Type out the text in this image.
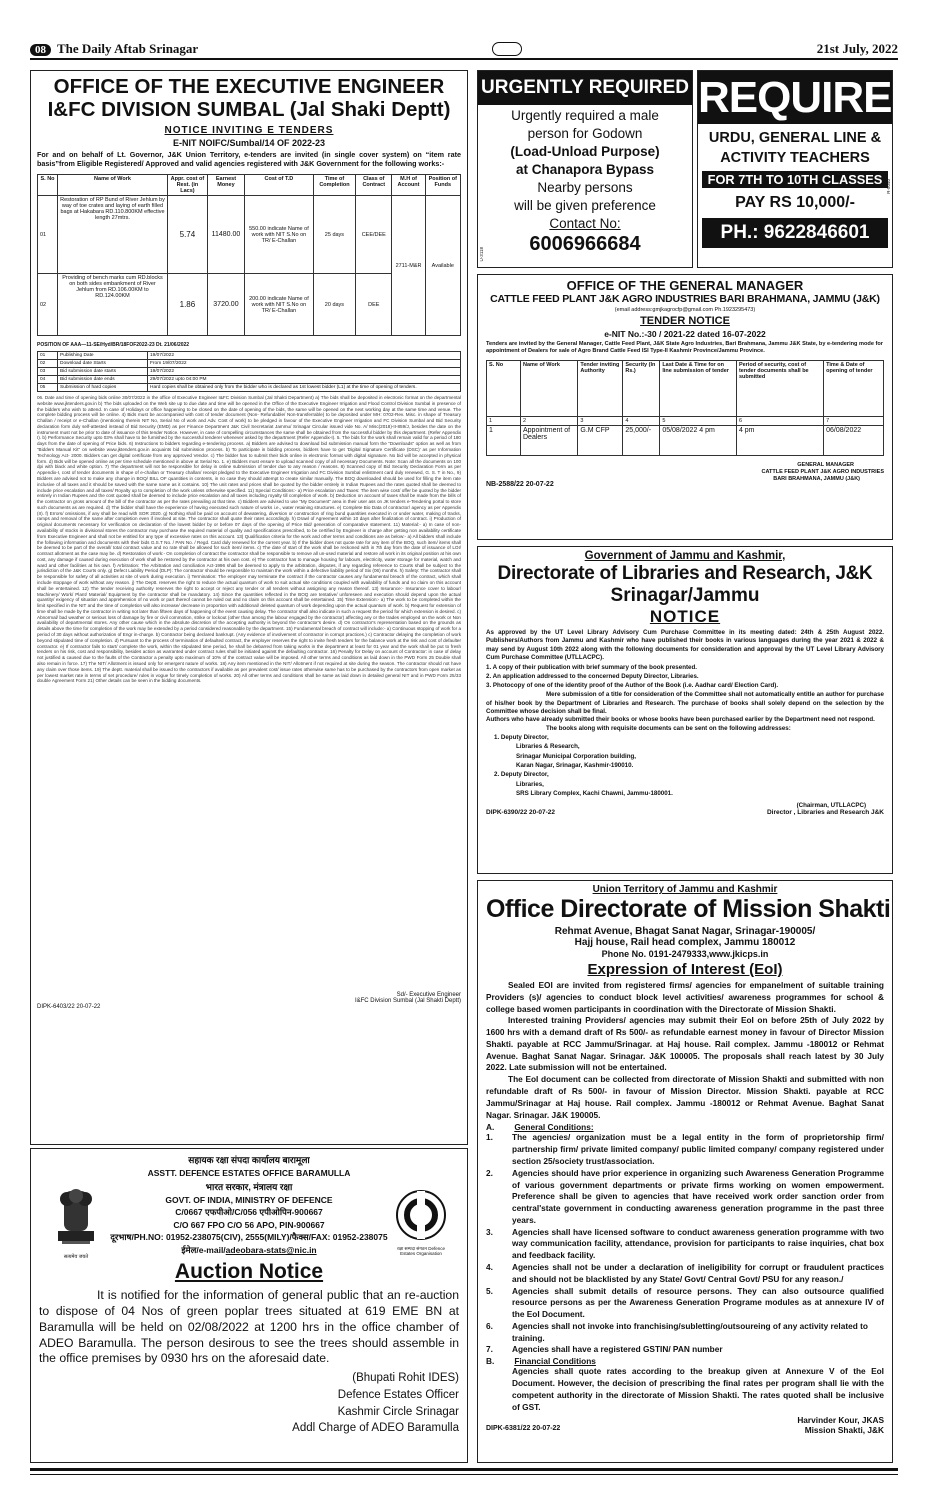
08 The Daily Aftab Srinagar	21st July, 2022
OFFICE OF THE EXECUTIVE ENGINEER
I&FC DIVISION SUMBAL (Jal Shaki Deptt)
NOTICE INVITING E TENDERS
E-NIT NOIFC/Sumbal/14 OF 2022-23
For and on behalf of Lt. Governor, J&K Union Territory, e-tenders are invited (in single cover system) on “item rate basis”from Eligible Registered/ Approved and valid agencies registered with J&K Government for the following works:-
S. No	Name of Work	Appr. cost of Rest. (in Lacs)	Earnest Money	Cost of T.D	Time of Completion	Class of Contract	M.H of Account	Position of Funds
01	Restoration of RP Bund of River Jehlum by way of toe crates and laying of earth filled bags at Hakabara RD.110.800KM effective length 27mtrs.	5.74	11480.00	550.00 indicate Name of work with NIT S.No on TR/ E-Challan	25 days	CEE/DEE	2711-M&R	Available
02	Providing of bench marks cum RD.blocks on both sides embankment of River Jehlum from RD.106.00KM to RD.124.00KM	1.86	3720.00	200.00 indicate Name of work with NIT S.No on TR/ E-Challan	20 days	DEE		
POSITION OF AAA—11-SE/Hyd/BR/18FOF2022-23 Dt. 21/06/2022
01	Publishing Date	19/07/2022
02	Download date Starts	From 19/07/2022
03	Bid submission date starts	19/07/2022
04	Bid submission date ends	29/07/2022 upto 04:00 PM
05	Submission of hard copies	Hard copies shall be obtained only from the bidder who is declared as 1st lowest bidder (L1) at the time of opening of tenders.
06. Date and time of opening bids online 30/07/2022 in the office of Executive Engineer I&FC Division Sumbal (Jal Shakti Department) a) The bids shall be deposited in electronic format on the departmental website www.jktenders.gov.in b) The bids uploaded on the Web site up to due date and time will be opened in the Office of the Executive Engineer Irrigation and Flood Control Division Sumbal in presence of the bidders who wish to attend. In case of Holidays or office happening to be closed on the date of opening of the bids, the same will be opened on the next working day at the same time and venue. The complete bidding process will be online. 4) Bids must be accompanied with cost of tender document (Non- Refundable/ Non-transferrable) to be deposited under MH: 0702-Rev. Misc. in shape of Treasury Challan / receipt or e-Challan (mentioning therein NIT No, Serial No of work and Adv. Cost of work) to be pledged in favour of the Executive Engineer Irrigation and FC Division Sumbal and Bid Security declaration form duly self-attested instead of Bid Security (EMD) as per Finance Department J&K Civil Secretariat Jammu/ Srinagar Circular issued vide No. A/ Misc(2018)-II-859/J, besides the date on the instrument must not be prior to date of issuance of this tender Notice. However, in case of compelling circumstances the same shall be obtained from the successful bidder by this department. (Refer Appendix I). b) Performance Security upto 03% shall have to be furnished by the successful tenderer whenever asked by the department (Refer Appendix-I). 5. The bids for the work shall remain valid for a period of 180 days from the date of opening of Price bids. 6) Instructions to bidders regarding e-tendering process. a) Bidders are advised to download bid submission manual form the “Downloads” option as well as from “Bidders Manual Kit” on website www.jktenders.gov.in acquaints bid submission process. b) To participate in bidding process, bidders have to get ‘Digital Signature Certificate (DSC)’ as per Information Technology Act- 2000. Bidders can get digital certificate from any approved Vendor. c) The bidder has to submit their bids online in electronic format with digital signature. No bid will be accepted in physical form. d) Bids will be opened online as per time schedule mentioned in above at Serial No. 1. e) Bidders must ensure to upload scanned copy of all necessary Documents. Note: Scan all the documents on 100 dpi with black and white option. 7) The department will not be responsible for delay in online submission of tender due to any reason / reasons. 8) Scanned copy of Bid Security Declaration Form as per Appendix-I, cost of tender documents in shape of e-challan or Treasury challan/ receipt pledged to the Executive Engineer Irrigation and FC Division Sumbal enlistment card duly renewed, G. S. T in No., 9) Bidders are advised not to make any change in BOQ/ BILL OF quantities in contents, in no case they should attempt to create similar manually. The BOQ downloaded should be used for filling the item rate inclusive of all taxes and it should be saved with the same name as it contains. 10) The unit rates and prices shall be quoted by the bidder entirely in Indian Rupees and the rates quoted shall be deemed to include price escalation and all taxes/ Royalty up to completion of the work unless otherwise specified. 11) Special Conditions:- a) Price escalation and Taxes: The item wise cost/ offer be quoted by the bidder entirely in Indian Rupees and the cost quoted shall be deemed to include price escalation and all taxes including royalty till completion of work. b) Deduction on account of taxes shall be made from the bills of the contractor on gross amount of the bill of the contractor as per the rates prevailing at that time. c) Bidders are advised to use “My Document” area in their user ass on JK tenders e-Tendering portal to store such documents as are required. d) The bidder shall have the experience of having executed such nature of works i.e., water retaining structures. e) Complete Bio Data of contractor/ agency as per Appendix (II). f) Errors/ omissions, if any shall be read with SOR 2020. g) Nothing shall be paid on account of dewatering, diversion or construction of ring bund quantities executed in or under water, making of tracks, ramps and removal of the same after completion even if involved at site. The contractor shall quote their rates accordingly. h) Drawl of Agreement within 10 days after finalization of contract. i) Production of original documents necessary for verification on declaration of the lowest bidder by or before 07 days of the opening of Price Bid/ generation of comparative statement. 11) Material:- a) In case of non-availability of stocks in divisional stores the contractor may purchase the required material of quality and specifications prescribed, to be certified by Engineer in charge after getting non availability certificate from Executive Engineer and shall not be entitled for any type of excessive rates on this account. 13) Qualification criteria for the work and other terms and conditions are as below:- a) All bidders shall include the following information and documents with their bids G.S.T No. / PAN No. / Regd. Card duly renewed for the current year. b) If the bidder does not quote rate for any item of the BOQ, such item/ items shall be deemed to be part of the overall/ total contract value and no rate shall be allowed for such item/ items. c) The date of start of the work shall be reckoned with in 7th day from the date of issuance of LOI/ contract allotment as the case may be. d) Restoration of work:- On completion of contract the contractor shall be responsible to remove all un-used material and restore all work in its original position at his own cost, any damage if caused during execution of work shall be restored by the contractor at his own cost. e) The contractor has to manage housing for labours, electricity, water storage for material, watch and ward and other facilities at his own. f) Arbitration: The Arbitration and conciliation Act-1996 shall be deemed to apply to the arbitration, disputes, if any regarding reference to Courts shall be subject to the jurisdiction of the J&K Courts only. g) Defect Liability Period (DLP): The contractor should be responsible to maintain the work within a defective liability period of Six (06) months. h) Safety: The contractor shall be responsible for safety of all activities at site of work during execution. i) Termination: The employer may terminate the contract if the contractor causes any fundamental breach of the contract, which shall include stoppage of work without any reason. j) The Deptt. reserves the right to reduce the actual quantum of work to suit actual site conditions coupled with availability of funds and no claim on this account shall be entertained. 12) The tender receiving authority reserves the right to accept or reject any tender or all tenders without assigning any reason thereof. 13) Insurance:- Insurance cover to labour/ Machinery/ Work/ Plant/ Material/ Equipment by the contractor shall be mandatory. 14) Since the quantities reflected in the BOQ are tentative/ unforeseen and execution should depend upon the actual quantity/ exigency of situation and apprehension of no work or part thereof cannot be ruled out and no claim on this account shall be entertained. 15) Time Extension:- a) The work to be completed within the limit specified in the NIT and the time of completion will also increase/ decrease in proportion with additional/ deleted quantum of work depending upon the actual quantum of work. b) Request for extension of time shall be made by the contractor in writing not later than fifteen days of happening of the event causing delay. The contractor shall also indicate in such a request the period for which extension is desired. c) Abnormal/ bad weather or serious loss of damage by fire or civil commotion, strike or lockout (other than among the labour engaged by the contractor) affecting any or the trades employed on the work or Non availability of departmental stores. Any other cause which in the absolute discretion of the accepting authority is beyond the contractor's desire. d) On contractor's representation based on the grounds as details above the time for completion of the work may be extended by a period considered reasonable by the department. 15) Fundamental breach of contract will include:- a) Continuous stopping of work for a period of 30 days without authorization of Engr in-charge. b) Contractor being declared bankrupt. (Any evidence of involvement of contractor in corrupt practices.) c) Contractor delaying the completion of work beyond stipulated time of completion. d) Pursuant to the process of termination of defaulted contract, the employer reserves the right to invite fresh tenders for the balance work at the risk and cost of defaulter contractor. e) If contractor fails to start/ complete the work, within the stipulated time period, he shall be debarred from taking works in the department at least for 01 year and the work shall be put to fresh tenders on his risk, cost and responsibility, besides action as warranted under contract rules shall be initiated against the defaulting contractor. 16) Penalty for Delay on account of Contractor: in case of delay not justified & caused due to the faults of the Contractor a penalty upto maximum of 10% of the contract value will be imposed. All other terms and conditions as laid down in the PWD Form 25 Double shall also remain in force. 17) The NIT/ Allotment is issued only for emergent nature of works. 18) Any item mentioned in the NIT/ Allotment if not required at site during the season. The contractor should not have any claim over those items. 19) The deptt. material shall be issued to the contractors if available as per prevalent cost/ issue rates otherwise same has to be purchased by the contractors from open market as per lowest market rate in terms of set procedure/ rules in vogue for timely completion of works. 20) All other terms and conditions shall be same as laid down in detailed general NIT and in PWD Form 25/33 double Agreement Form 21) Other details can be seen in the bidding documents.
Sd/- Executive Engineer
I&FC Division Sumbal (Jal Shakti Deptt)
DIPK-6403/22 20-07-22
सत्यमेव जयते
रक्षा सम्पदा संगठन Defence Estates Organisation
सहायक रक्षा संपदा कार्यालय बारामूला
ASSTT. DEFENCE ESTATES OFFICE BARAMULLA
भारत सरकार, मंत्रालय रक्षा
GOVT. OF INDIA, MINISTRY OF DEFENCE
C/0667 एफपीओ/C/056 एपीओपिन-900667
C/O 667 FPO C/O 56 APO, PIN-900667
दूरभाष/PH.NO: 01952-238075(CIV), 2555(MILY)/फैक्स/FAX: 01952-238075
ईमेल/e-mail/adeobara-stats@nic.in
Auction Notice
It is notified for the information of general public that an re-auction to dispose of 04 Nos of green poplar trees situated at 619 EME BN at Baramulla will be held on 02/08/2022 at 1200 hrs in the office chamber of ADEO Baramulla. The person desirous to see the trees should assemble in the office premises by 0930 hrs on the aforesaid date.
(Bhupati Rohit IDES)
Defence Estates Officer
Kashmir Circle Srinagar
Addl Charge of ADEO Baramulla
URGENTLY REQUIRED
Urgently required a male
person for Godown
(Load-Unload Purpose)
at Chanapora Bypass
Nearby persons
will be given preference
Contact No:
6006966684
U-3118
REQUIRED
URDU, GENERAL LINE &
ACTIVITY TEACHERS
FOR 7TH TO 10TH CLASSES
PAY RS 10,000/-
PH.: 9622846601
R-5040
OFFICE OF THE GENERAL MANAGER
CATTLE FEED PLANT J&K AGRO INDUSTRIES BARI BRAHMANA, JAMMU (J&K)
(email address:gmjkagrocfp@gmail.com Ph.1923295473)
TENDER NOTICE
e-NIT No.:-30 / 2021-22 dated 16-07-2022
Tenders are invited by the General Manager, Cattle Feed Plant, J&K State Agro Industries, Bari Brahmana, Jammu J&K State, by e-tendering mode for appointment of Dealers for sale of Agro Brand Cattle Feed ISI Type-II Kashmir Province/Jammu Province.
S. No	Name of Work	Tender inviting Authority	Security (In Rs.)	Last Date & Time for on line submission of tender	Period of security, cost of tender documents shall be submitted	Time & Date of opening of tender
1	2	3	4	5	6	7
1	Appointment of Dealers	G.M CFP	25,000/-	05/08/2022 4 pm	4 pm	06/08/2022
GENERAL MANAGER
CATTLE FEED PLANT J&K AGRO INDUSTRIES
BARI BRAHMANA, JAMMU (J&K)
NB-2588/22 20-07-22
Government of Jammu and Kashmir,
Directorate of Libraries and Research, J&K
Srinagar/Jammu
NOTICE
As approved by the UT Level Library Advisory Cum Purchase Committee in its meeting dated: 24th & 25th August 2022. Publishers/Authors from Jammu and Kashmir who have published their books in various languages during the year 2021 & 2022 & may send by August 10th 2022 along with the following documents for consideration and approval by the UT Level Library Advisory Cum Purchase Committee (UTLLACPC).
1. A copy of their publication with brief summary of the book presented.
2. An application addressed to the concerned Deputy Director, Libraries.
3. Photocopy of one of the identity proof of the Author of the Book (i.e. Aadhar card/ Election Card).
Mere submission of a title for consideration of the Committee shall not automatically entitle an author for purchase of his/her book by the Department of Libraries and Research. The purchase of books shall solely depend on the selection by the Committee whose decision shall be final.
Authors who have already submitted their books or whose books have been purchased earlier by the Department need not respond.
The books along with requisite documents can be sent on the following addresses:
1. Deputy Director,
Libraries & Research,
Srinagar Municipal Corporation building,
Karan Nagar, Srinagar, Kashmir-190010.
2. Deputy Director,
Libraries,
SRS Library Complex, Kachi Chawni, Jammu-180001.
(Chairman, UTLLACPC)
DIPK-6390/22 20-07-22	Director , Libraries and Research J&K
Union Territory of Jammu and Kashmir
Office Directorate of Mission Shakti
Rehmat Avenue, Bhagat Sanat Nagar, Srinagar-190005/
Hajj house, Rail head complex, Jammu 180012
Phone No. 0191-2479333,www.jkicps.in
Expression of Interest (EoI)
Sealed EOI are invited from registered firms/ agencies for empanelment of suitable training Providers (s)/ agencies to conduct block level activities/ awareness programmes for school & college based women participants in coordination with the Directorate of Mission Shakti.
Interested training Providers/ agencies may submit their EoI on before 25th of July 2022 by 1600 hrs with a demand draft of Rs 500/- as refundable earnest money in favour of Director Mission Shakti. payable at RCC Jammu/Srinagar. at Haj house. Rail complex. Jammu -180012 or Rehmat Avenue. Baghat Sanat Nagar. Srinagar. J&K 100005. The proposals shall reach latest by 30 July 2022. Late submission will not be entertained.
The EoI document can be collected from directorate of Mission Shakti and submitted with non refundable draft of Rs 500/- in favour of Mission Director. Mission Shakti. payable at RCC Jammu/Srinagar at Haj house. Rail complex. Jammu -180012 or Rehmat Avenue. Baghat Sanat Nagar. Srinagar. J&K 190005.
A. General Conditions:
1.	The agencies/ organization must be a legal entity in the form of proprietorship firm/ partnership firm/ private limited company/ public limited company/ company registered under section 25/society trust/association.
2.	Agencies should have prior experience in organizing such Awareness Generation Programme of various government departments or private firms working on women empowerment. Preference shall be given to agencies that have received work order sanction order from central'state government in conducting awareness generation programme in the past three years.
3.	Agencies shall have licensed software to conduct awareness generation programme with two way communication facility, attendance, provision for participants to raise inquiries, chat box and feedback facility.
4.	Agencies shall not be under a declaration of ineligibility for corrupt or fraudulent practices and should not be blacklisted by any State/ Govt/ Central Govt/ PSU for any reason./
5.	Agencies shall submit details of resource persons. They can also outsource qualified resource persons as per the Awareness Generation Programe modules as at annexure IV of the EoI Document.
6.	Agencies shall not invoke into franchising/subletting/outsoureing of any activity related to training.
7.	Agencies shall have a registered GSTIN/ PAN number
B. Financial Conditions
Agencies shall quote rates according to the breakup given at Annexure V of the EoI Document. However, the decision of prescribing the final rates per program shall lie with the competent authority in the directorate of Mission Shakti. The rates quoted shall be inclusive of GST.
Harvinder Kour, JKAS
DIPK-6381/22 20-07-22	Mission Shakti, J&K
